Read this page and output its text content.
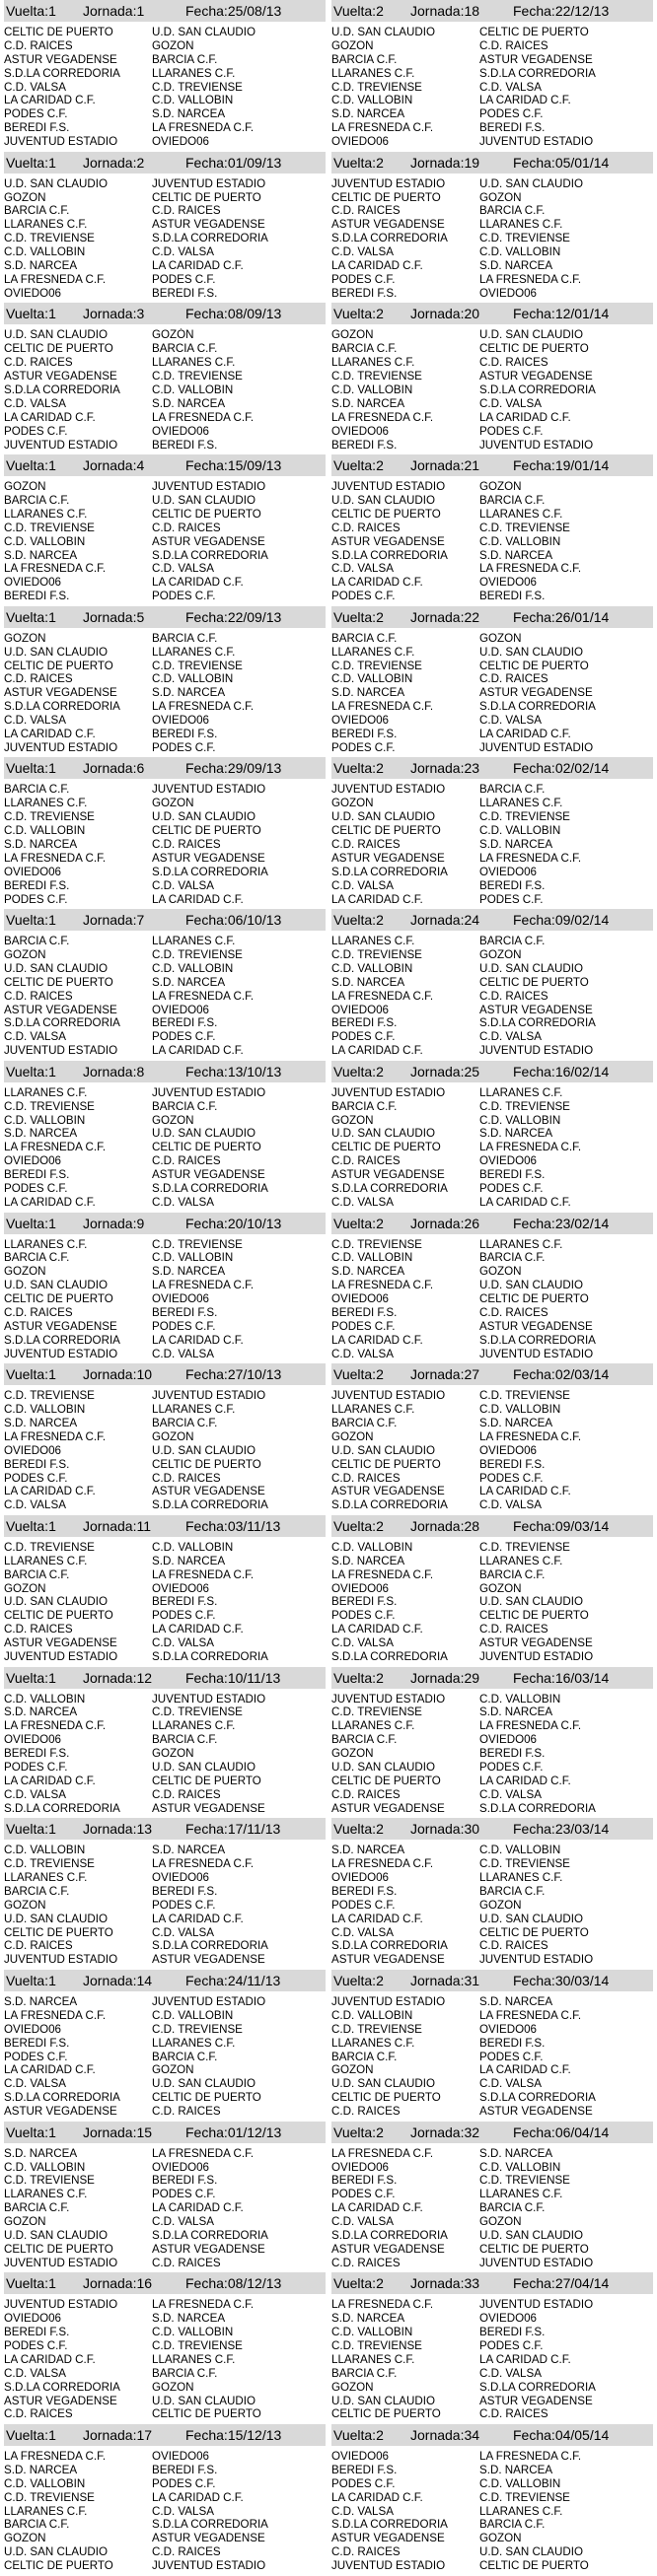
Vuelta:1	Jornada:1	Fecha:25/08/13
CELTIC DE PUERTO	U.D. SAN CLAUDIO
C.D. RAICES	GOZON
ASTUR VEGADENSE	BARCIA C.F.
S.D.LA CORREDORIA	LLARANES C.F.
C.D. VALSA	C.D. TREVIENSE
LA CARIDAD C.F.	C.D. VALLOBIN
PODES C.F.	S.D. NARCEA
BEREDI F.S.	LA FRESNEDA C.F.
JUVENTUD ESTADIO	OVIEDO06
Vuelta:1	Jornada:2	Fecha:01/09/13
U.D. SAN CLAUDIO	JUVENTUD ESTADIO
GOZON	CELTIC DE PUERTO
BARCIA C.F.	C.D. RAICES
LLARANES C.F.	ASTUR VEGADENSE
C.D. TREVIENSE	S.D.LA CORREDORIA
C.D. VALLOBIN	C.D. VALSA
S.D. NARCEA	LA CARIDAD C.F.
LA FRESNEDA C.F.	PODES C.F.
OVIEDO06	BEREDI F.S.
Vuelta:1	Jornada:3	Fecha:08/09/13
U.D. SAN CLAUDIO	GOZÓN
CELTIC DE PUERTO	BARCIA C.F.
C.D. RAICES	LLARANES C.F.
ASTUR VEGADENSE	C.D. TREVIENSE
S.D.LA CORREDORIA	C.D. VALLOBIN
C.D. VALSA	S.D. NARCEA
LA CARIDAD C.F.	LA FRESNEDA C.F.
PODES C.F.	OVIEDO06
JUVENTUD ESTADIO	BEREDI F.S.
Vuelta:1	Jornada:4	Fecha:15/09/13
GOZON	JUVENTUD ESTADIO
BARCIA C.F.	U.D. SAN CLAUDIO
LLARANES C.F.	CELTIC DE PUERTO
C.D. TREVIENSE	C.D. RAICES
C.D. VALLOBIN	ASTUR VEGADENSE
S.D. NARCEA	S.D.LA CORREDORIA
LA FRESNEDA C.F.	C.D. VALSA
OVIEDO06	LA CARIDAD C.F.
BEREDI F.S.	PODES C.F.
Vuelta:1	Jornada:5	Fecha:22/09/13
GOZON	BARCIA C.F.
U.D. SAN CLAUDIO	LLARANES C.F.
CELTIC DE PUERTO	C.D. TREVIENSE
C.D. RAICES	C.D. VALLOBIN
ASTUR VEGADENSE	S.D. NARCEA
S.D.LA CORREDORIA	LA FRESNEDA C.F.
C.D. VALSA	OVIEDO06
LA CARIDAD C.F.	BEREDI F.S.
JUVENTUD ESTADIO	PODES C.F.
Vuelta:1	Jornada:6	Fecha:29/09/13
BARCIA C.F.	JUVENTUD ESTADIO
LLARANES C.F.	GOZON
C.D. TREVIENSE	U.D. SAN CLAUDIO
C.D. VALLOBIN	CELTIC DE PUERTO
S.D. NARCEA	C.D. RAICES
LA FRESNEDA C.F.	ASTUR VEGADENSE
OVIEDO06	S.D.LA CORREDORIA
BEREDI F.S.	C.D. VALSA
PODES C.F.	LA CARIDAD C.F.
Vuelta:1	Jornada:7	Fecha:06/10/13
BARCIA C.F.	LLARANES C.F.
GOZON	C.D. TREVIENSE
U.D. SAN CLAUDIO	C.D. VALLOBIN
CELTIC DE PUERTO	S.D. NARCEA
C.D. RAICES	LA FRESNEDA C.F.
ASTUR VEGADENSE	OVIEDO06
S.D.LA CORREDORIA	BEREDI F.S.
C.D. VALSA	PODES C.F.
JUVENTUD ESTADIO	LA CARIDAD C.F.
Vuelta:1	Jornada:8	Fecha:13/10/13
LLARANES C.F.	JUVENTUD ESTADIO
C.D. TREVIENSE	BARCIA C.F.
C.D. VALLOBIN	GOZON
S.D. NARCEA	U.D. SAN CLAUDIO
LA FRESNEDA C.F.	CELTIC DE PUERTO
OVIEDO06	C.D. RAICES
BEREDI F.S.	ASTUR VEGADENSE
PODES C.F.	S.D.LA CORREDORIA
LA CARIDAD C.F.	C.D. VALSA
Vuelta:1	Jornada:9	Fecha:20/10/13
LLARANES C.F.	C.D. TREVIENSE
BARCIA C.F.	C.D. VALLOBIN
GOZON	S.D. NARCEA
U.D. SAN CLAUDIO	LA FRESNEDA C.F.
CELTIC DE PUERTO	OVIEDO06
C.D. RAICES	BEREDI F.S.
ASTUR VEGADENSE	PODES C.F.
S.D.LA CORREDORIA	LA CARIDAD C.F.
JUVENTUD ESTADIO	C.D. VALSA
Vuelta:1	Jornada:10	Fecha:27/10/13
C.D. TREVIENSE	JUVENTUD ESTADIO
C.D. VALLOBIN	LLARANES C.F.
S.D. NARCEA	BARCIA C.F.
LA FRESNEDA C.F.	GOZON
OVIEDO06	U.D. SAN CLAUDIO
BEREDI F.S.	CELTIC DE PUERTO
PODES C.F.	C.D. RAICES
LA CARIDAD C.F.	ASTUR VEGADENSE
C.D. VALSA	S.D.LA CORREDORIA
Vuelta:1	Jornada:11	Fecha:03/11/13
C.D. TREVIENSE	C.D. VALLOBIN
LLARANES C.F.	S.D. NARCEA
BARCIA C.F.	LA FRESNEDA C.F.
GOZON	OVIEDO06
U.D. SAN CLAUDIO	BEREDI F.S.
CELTIC DE PUERTO	PODES C.F.
C.D. RAICES	LA CARIDAD C.F.
ASTUR VEGADENSE	C.D. VALSA
JUVENTUD ESTADIO	S.D.LA CORREDORIA
Vuelta:1	Jornada:12	Fecha:10/11/13
C.D. VALLOBIN	JUVENTUD ESTADIO
S.D. NARCEA	C.D. TREVIENSE
LA FRESNEDA C.F.	LLARANES C.F.
OVIEDO06	BARCIA C.F.
BEREDI F.S.	GOZON
PODES C.F.	U.D. SAN CLAUDIO
LA CARIDAD C.F.	CELTIC DE PUERTO
C.D. VALSA	C.D. RAICES
S.D.LA CORREDORIA	ASTUR VEGADENSE
Vuelta:1	Jornada:13	Fecha:17/11/13
C.D. VALLOBIN	S.D. NARCEA
C.D. TREVIENSE	LA FRESNEDA C.F.
LLARANES C.F.	OVIEDO06
BARCIA C.F.	BEREDI F.S.
GOZON	PODES C.F.
U.D. SAN CLAUDIO	LA CARIDAD C.F.
CELTIC DE PUERTO	C.D. VALSA
C.D. RAICES	S.D.LA CORREDORIA
JUVENTUD ESTADIO	ASTUR VEGADENSE
Vuelta:1	Jornada:14	Fecha:24/11/13
S.D. NARCEA	JUVENTUD ESTADIO
LA FRESNEDA C.F.	C.D. VALLOBIN
OVIEDO06	C.D. TREVIENSE
BEREDI F.S.	LLARANES C.F.
PODES C.F.	BARCIA C.F.
LA CARIDAD C.F.	GOZON
C.D. VALSA	U.D. SAN CLAUDIO
S.D.LA CORREDORIA	CELTIC DE PUERTO
ASTUR VEGADENSE	C.D. RAICES
Vuelta:1	Jornada:15	Fecha:01/12/13
S.D. NARCEA	LA FRESNEDA C.F.
C.D. VALLOBIN	OVIEDO06
C.D. TREVIENSE	BEREDI F.S.
LLARANES C.F.	PODES C.F.
BARCIA C.F.	LA CARIDAD C.F.
GOZON	C.D. VALSA
U.D. SAN CLAUDIO	S.D.LA CORREDORIA
CELTIC DE PUERTO	ASTUR VEGADENSE
JUVENTUD ESTADIO	C.D. RAICES
Vuelta:1	Jornada:16	Fecha:08/12/13
JUVENTUD ESTADIO	LA FRESNEDA C.F.
OVIEDO06	S.D. NARCEA
BEREDI F.S.	C.D. VALLOBIN
PODES C.F.	C.D. TREVIENSE
LA CARIDAD C.F.	LLARANES C.F.
C.D. VALSA	BARCIA C.F.
S.D.LA CORREDORIA	GOZON
ASTUR VEGADENSE	U.D. SAN CLAUDIO
C.D. RAICES	CELTIC DE PUERTO
Vuelta:1	Jornada:17	Fecha:15/12/13
LA FRESNEDA C.F.	OVIEDO06
S.D. NARCEA	BEREDI F.S.
C.D. VALLOBIN	PODES C.F.
C.D. TREVIENSE	LA CARIDAD C.F.
LLARANES C.F.	C.D. VALSA
BARCIA C.F.	S.D.LA CORREDORIA
GOZON	ASTUR VEGADENSE
U.D. SAN CLAUDIO	C.D. RAICES
CELTIC DE PUERTO	JUVENTUD ESTADIO
Vuelta:2	Jornada:18	Fecha:22/12/13
U.D. SAN CLAUDIO	CELTIC DE PUERTO
GOZON	C.D. RAICES
BARCIA C.F.	ASTUR VEGADENSE
LLARANES C.F.	S.D.LA CORREDORIA
C.D. TREVIENSE	C.D. VALSA
C.D. VALLOBIN	LA CARIDAD C.F.
S.D. NARCEA	PODES C.F.
LA FRESNEDA C.F.	BEREDI F.S.
OVIEDO06	JUVENTUD ESTADIO
Vuelta:2	Jornada:19	Fecha:05/01/14
JUVENTUD ESTADIO	U.D. SAN CLAUDIO
CELTIC DE PUERTO	GOZON
C.D. RAICES	BARCIA C.F.
ASTUR VEGADENSE	LLARANES C.F.
S.D.LA CORREDORIA	C.D. TREVIENSE
C.D. VALSA	C.D. VALLOBIN
LA CARIDAD C.F.	S.D. NARCEA
PODES C.F.	LA FRESNEDA C.F.
BEREDI F.S.	OVIEDO06
Vuelta:2	Jornada:20	Fecha:12/01/14
GOZON	U.D. SAN CLAUDIO
BARCIA C.F.	CELTIC DE PUERTO
LLARANES C.F.	C.D. RAICES
C.D. TREVIENSE	ASTUR VEGADENSE
C.D. VALLOBIN	S.D.LA CORREDORIA
S.D. NARCEA	C.D. VALSA
LA FRESNEDA C.F.	LA CARIDAD C.F.
OVIEDO06	PODES C.F.
BEREDI F.S.	JUVENTUD ESTADIO
Vuelta:2	Jornada:21	Fecha:19/01/14
JUVENTUD ESTADIO	GOZON
U.D. SAN CLAUDIO	BARCIA C.F.
CELTIC DE PUERTO	LLARANES C.F.
C.D. RAICES	C.D. TREVIENSE
ASTUR VEGADENSE	C.D. VALLOBIN
S.D.LA CORREDORIA	S.D. NARCEA
C.D. VALSA	LA FRESNEDA C.F.
LA CARIDAD C.F.	OVIEDO06
PODES C.F.	BEREDI F.S.
Vuelta:2	Jornada:22	Fecha:26/01/14
BARCIA C.F.	GOZON
LLARANES C.F.	U.D. SAN CLAUDIO
C.D. TREVIENSE	CELTIC DE PUERTO
C.D. VALLOBIN	C.D. RAICES
S.D. NARCEA	ASTUR VEGADENSE
LA FRESNEDA C.F.	S.D.LA CORREDORIA
OVIEDO06	C.D. VALSA
BEREDI F.S.	LA CARIDAD C.F.
PODES C.F.	JUVENTUD ESTADIO
Vuelta:2	Jornada:23	Fecha:02/02/14
JUVENTUD ESTADIO	BARCIA C.F.
GOZON	LLARANES C.F.
U.D. SAN CLAUDIO	C.D. TREVIENSE
CELTIC DE PUERTO	C.D. VALLOBIN
C.D. RAICES	S.D. NARCEA
ASTUR VEGADENSE	LA FRESNEDA C.F.
S.D.LA CORREDORIA	OVIEDO06
C.D. VALSA	BEREDI F.S.
LA CARIDAD C.F.	PODES C.F.
Vuelta:2	Jornada:24	Fecha:09/02/14
LLARANES C.F.	BARCIA C.F.
C.D. TREVIENSE	GOZON
C.D. VALLOBIN	U.D. SAN CLAUDIO
S.D. NARCEA	CELTIC DE PUERTO
LA FRESNEDA C.F.	C.D. RAICES
OVIEDO06	ASTUR VEGADENSE
BEREDI F.S.	S.D.LA CORREDORIA
PODES C.F.	C.D. VALSA
LA CARIDAD C.F.	JUVENTUD ESTADIO
Vuelta:2	Jornada:25	Fecha:16/02/14
JUVENTUD ESTADIO	LLARANES C.F.
BARCIA C.F.	C.D. TREVIENSE
GOZON	C.D. VALLOBIN
U.D. SAN CLAUDIO	S.D. NARCEA
CELTIC DE PUERTO	LA FRESNEDA C.F.
C.D. RAICES	OVIEDO06
ASTUR VEGADENSE	BEREDI F.S.
S.D.LA CORREDORIA	PODES C.F.
C.D. VALSA	LA CARIDAD C.F.
Vuelta:2	Jornada:26	Fecha:23/02/14
C.D. TREVIENSE	LLARANES C.F.
C.D. VALLOBIN	BARCIA C.F.
S.D. NARCEA	GOZON
LA FRESNEDA C.F.	U.D. SAN CLAUDIO
OVIEDO06	CELTIC DE PUERTO
BEREDI F.S.	C.D. RAICES
PODES C.F.	ASTUR VEGADENSE
LA CARIDAD C.F.	S.D.LA CORREDORIA
C.D. VALSA	JUVENTUD ESTADIO
Vuelta:2	Jornada:27	Fecha:02/03/14
JUVENTUD ESTADIO	C.D. TREVIENSE
LLARANES C.F.	C.D. VALLOBIN
BARCIA C.F.	S.D. NARCEA
GOZON	LA FRESNEDA C.F.
U.D. SAN CLAUDIO	OVIEDO06
CELTIC DE PUERTO	BEREDI F.S.
C.D. RAICES	PODES C.F.
ASTUR VEGADENSE	LA CARIDAD C.F.
S.D.LA CORREDORIA	C.D. VALSA
Vuelta:2	Jornada:28	Fecha:09/03/14
C.D. VALLOBIN	C.D. TREVIENSE
S.D. NARCEA	LLARANES C.F.
LA FRESNEDA C.F.	BARCIA C.F.
OVIEDO06	GOZON
BEREDI F.S.	U.D. SAN CLAUDIO
PODES C.F.	CELTIC DE PUERTO
LA CARIDAD C.F.	C.D. RAICES
C.D. VALSA	ASTUR VEGADENSE
S.D.LA CORREDORIA	JUVENTUD ESTADIO
Vuelta:2	Jornada:29	Fecha:16/03/14
JUVENTUD ESTADIO	C.D. VALLOBIN
C.D. TREVIENSE	S.D. NARCEA
LLARANES C.F.	LA FRESNEDA C.F.
BARCIA C.F.	OVIEDO06
GOZON	BEREDI F.S.
U.D. SAN CLAUDIO	PODES C.F.
CELTIC DE PUERTO	LA CARIDAD C.F.
C.D. RAICES	C.D. VALSA
ASTUR VEGADENSE	S.D.LA CORREDORIA
Vuelta:2	Jornada:30	Fecha:23/03/14
S.D. NARCEA	C.D. VALLOBIN
LA FRESNEDA C.F.	C.D. TREVIENSE
OVIEDO06	LLARANES C.F.
BEREDI F.S.	BARCIA C.F.
PODES C.F.	GOZON
LA CARIDAD C.F.	U.D. SAN CLAUDIO
C.D. VALSA	CELTIC DE PUERTO
S.D.LA CORREDORIA	C.D. RAICES
ASTUR VEGADENSE	JUVENTUD ESTADIO
Vuelta:2	Jornada:31	Fecha:30/03/14
JUVENTUD ESTADIO	S.D. NARCEA
C.D. VALLOBIN	LA FRESNEDA C.F.
C.D. TREVIENSE	OVIEDO06
LLARANES C.F.	BEREDI F.S.
BARCIA C.F.	PODES C.F.
GOZON	LA CARIDAD C.F.
U.D. SAN CLAUDIO	C.D. VALSA
CELTIC DE PUERTO	S.D.LA CORREDORIA
C.D. RAICES	ASTUR VEGADENSE
Vuelta:2	Jornada:32	Fecha:06/04/14
LA FRESNEDA C.F.	S.D. NARCEA
OVIEDO06	C.D. VALLOBIN
BEREDI F.S.	C.D. TREVIENSE
PODES C.F.	LLARANES C.F.
LA CARIDAD C.F.	BARCIA C.F.
C.D. VALSA	GOZON
S.D.LA CORREDORIA	U.D. SAN CLAUDIO
ASTUR VEGADENSE	CELTIC DE PUERTO
C.D. RAICES	JUVENTUD ESTADIO
Vuelta:2	Jornada:33	Fecha:27/04/14
LA FRESNEDA C.F.	JUVENTUD ESTADIO
S.D. NARCEA	OVIEDO06
C.D. VALLOBIN	BEREDI F.S.
C.D. TREVIENSE	PODES C.F.
LLARANES C.F.	LA CARIDAD C.F.
BARCIA C.F.	C.D. VALSA
GOZON	S.D.LA CORREDORIA
U.D. SAN CLAUDIO	ASTUR VEGADENSE
CELTIC DE PUERTO	C.D. RAICES
Vuelta:2	Jornada:34	Fecha:04/05/14
OVIEDO06	LA FRESNEDA C.F.
BEREDI F.S.	S.D. NARCEA
PODES C.F.	C.D. VALLOBIN
LA CARIDAD C.F.	C.D. TREVIENSE
C.D. VALSA	LLARANES C.F.
S.D.LA CORREDORIA	BARCIA C.F.
ASTUR VEGADENSE	GOZON
C.D. RAICES	U.D. SAN CLAUDIO
JUVENTUD ESTADIO	CELTIC DE PUERTO
